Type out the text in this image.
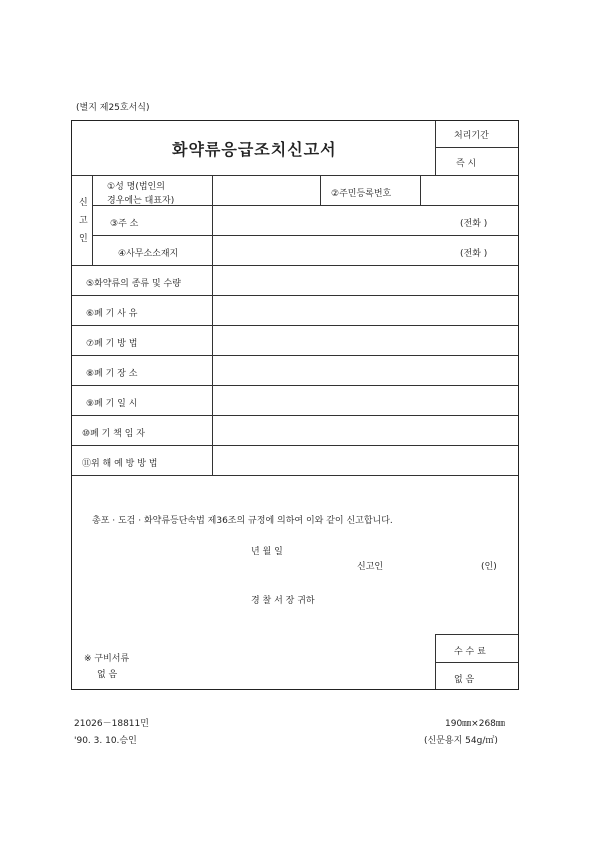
(별지 제25호서식)
화약류응급조치신고서
처리기간
즉 시
신
고
인
①성 명(법인의
경우에는 대표자)
②주민등록번호
③주 소	(전화 )
④사무소소재지	(전화 )
⑤화약류의 종류 및 수량
⑥폐 기 사 유
⑦폐 기 방 법
⑧폐 기 장 소
⑨폐 기 일 시
⑩폐 기 책 임 자
⑪위 해 예 방 방 법
총포 · 도검 · 화약류등단속법 제36조의 규정에 의하여 이와 같이 신고합니다.
년 월 일
신고인	(인)
경 찰 서 장 귀하
※ 구비서류
없 음
수 수 료
없 음
21026－18811민
'90. 3. 10.승인
190㎜×268㎜
(신문용지 54g/㎡)
